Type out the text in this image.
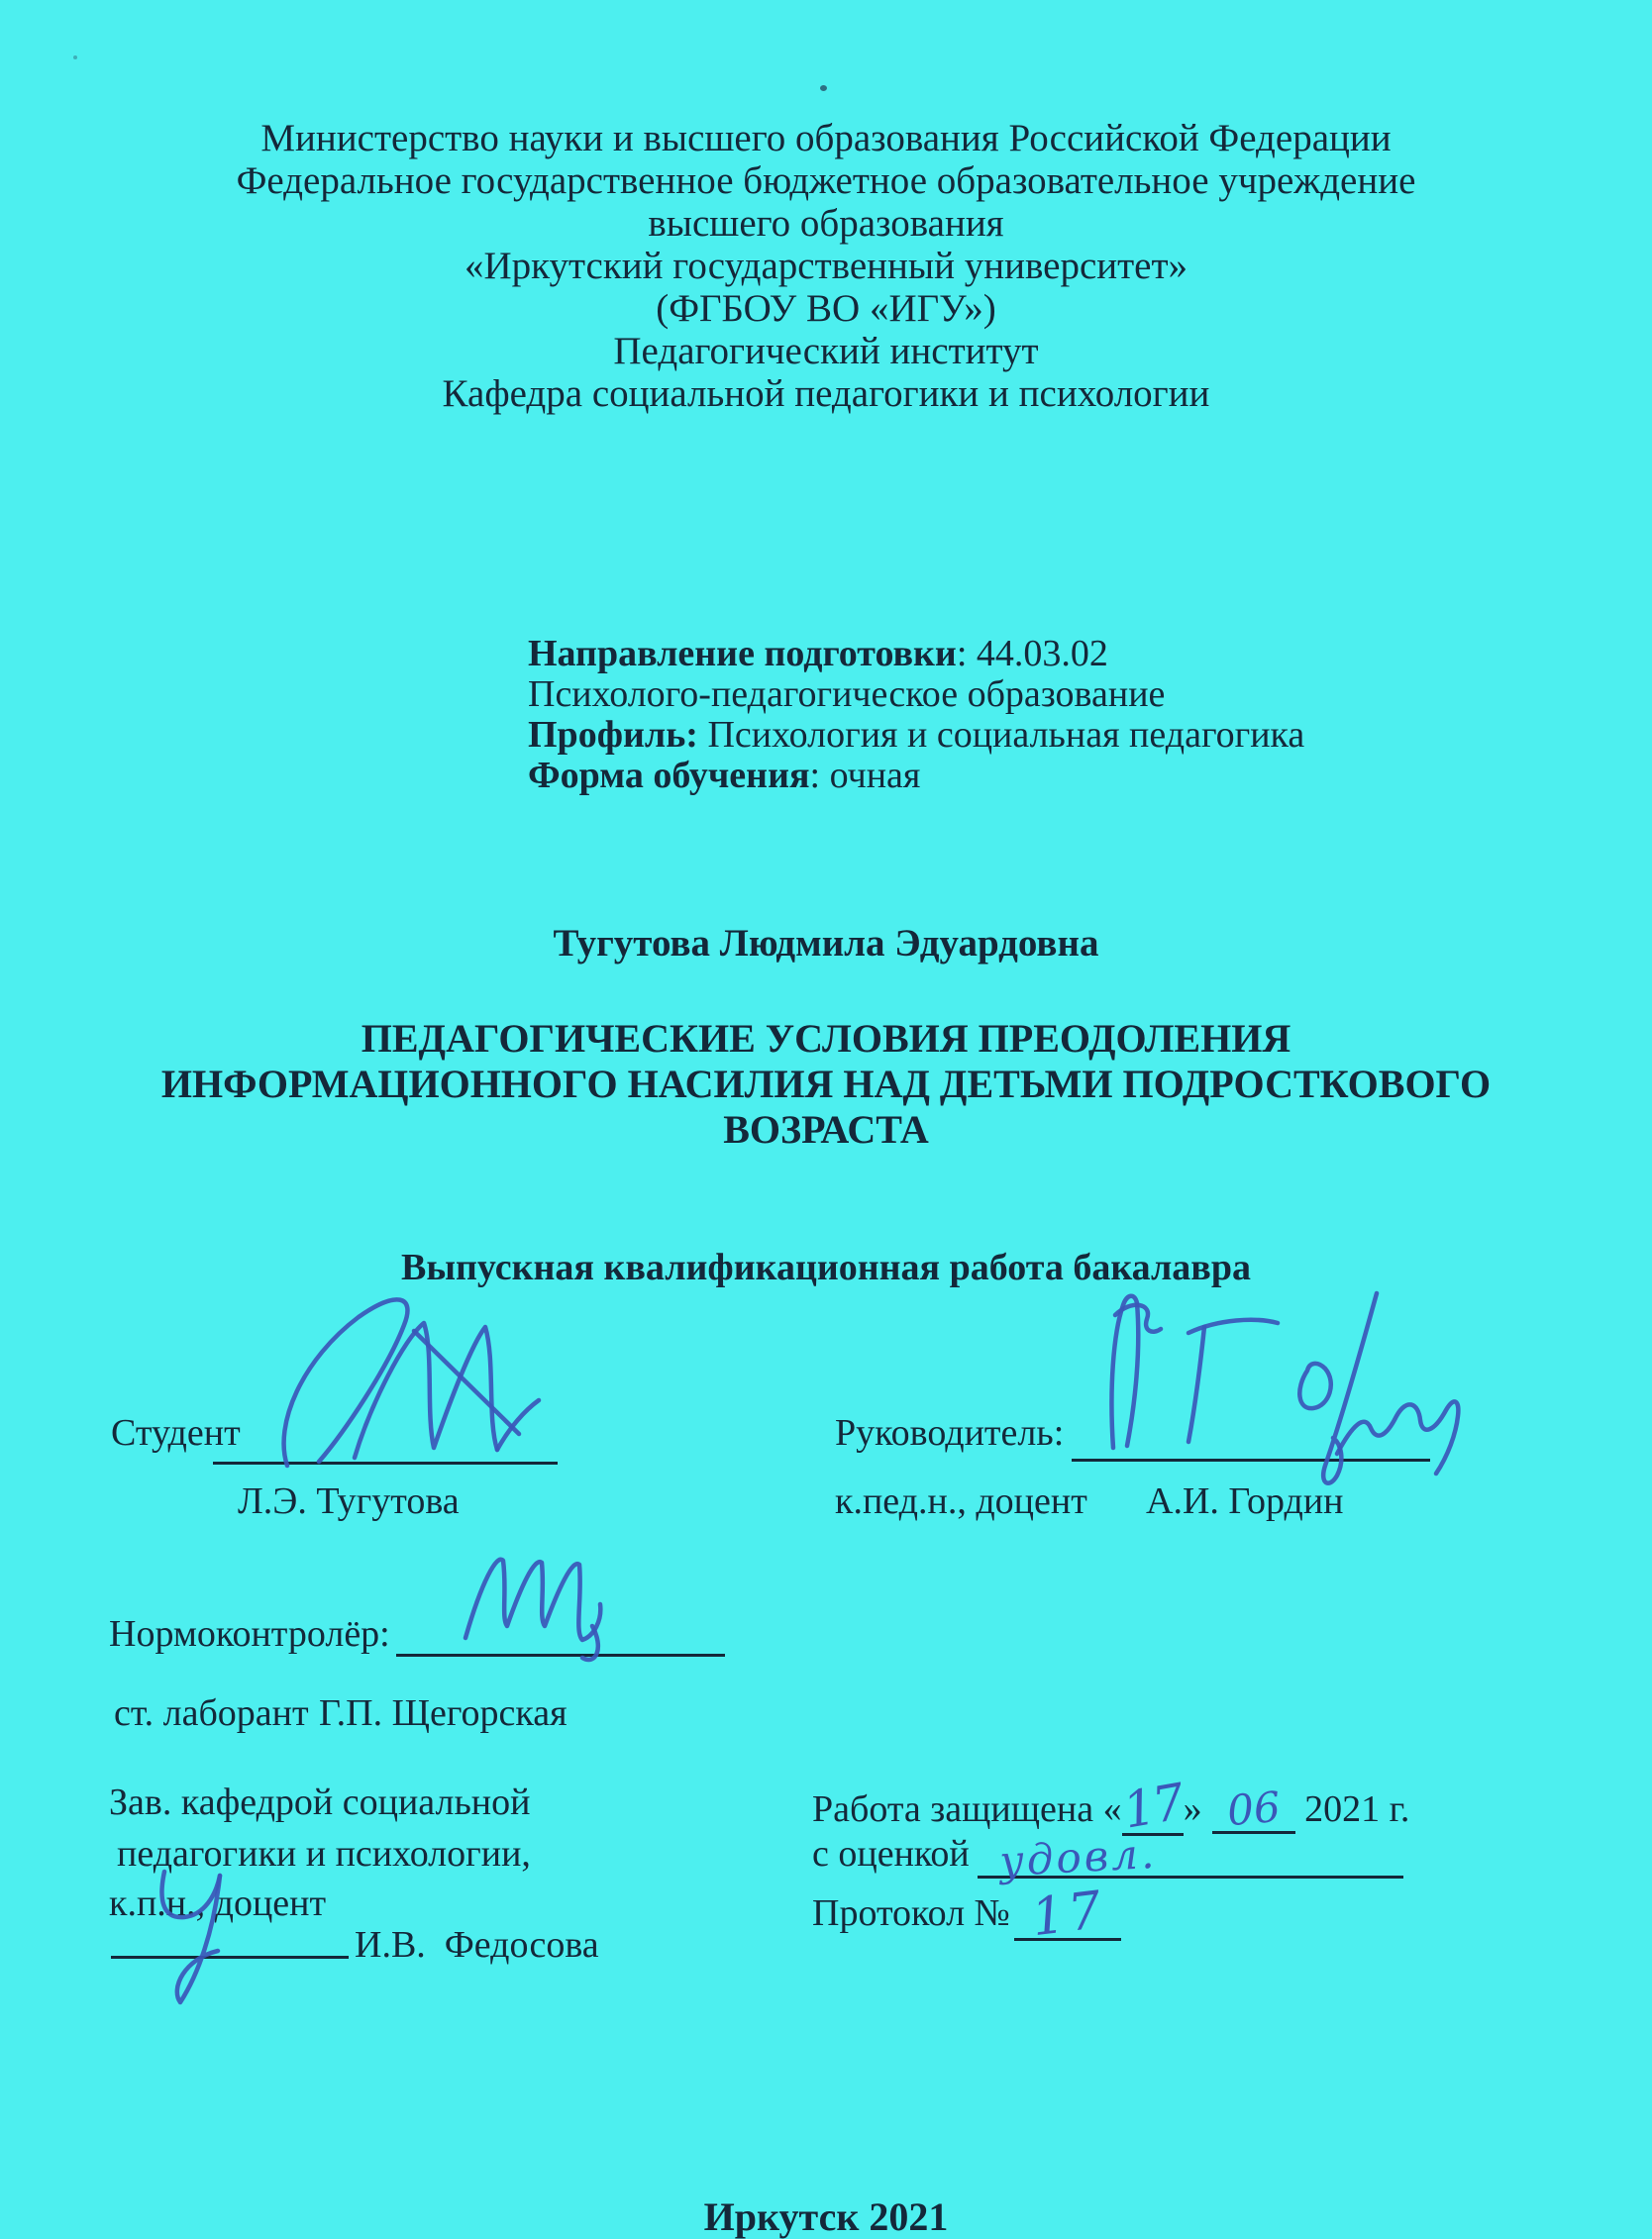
Министерство науки и высшего образования Российской Федерации
Федеральное государственное бюджетное образовательное учреждение
высшего образования
«Иркутский государственный университет»
(ФГБОУ ВО «ИГУ»)
Педагогический институт
Кафедра социальной педагогики и психологии
Направление подготовки: 44.03.02
Психолого-педагогическое образование
Профиль: Психология и социальная педагогика
Форма обучения: очная
Тугутова Людмила Эдуардовна
ПЕДАГОГИЧЕСКИЕ УСЛОВИЯ ПРЕОДОЛЕНИЯ
ИНФОРМАЦИОННОГО НАСИЛИЯ НАД ДЕТЬМИ ПОДРОСТКОВОГО
ВОЗРАСТА
Выпускная квалификационная работа бакалавра
Студент
Л.Э. Тугутова
Руководитель:
к.пед.н., доцент А.И. Гордин
Нормоконтролёр:
ст. лаборант Г.П. Щегорская
Зав. кафедрой социальной
педагогики и психологии,
к.п.н., доцент
И.В.  Федосова
Работа защищена «17» 06 2021 г.
с оценкой удовл.
Протокол № 17
Иркутск 2021
